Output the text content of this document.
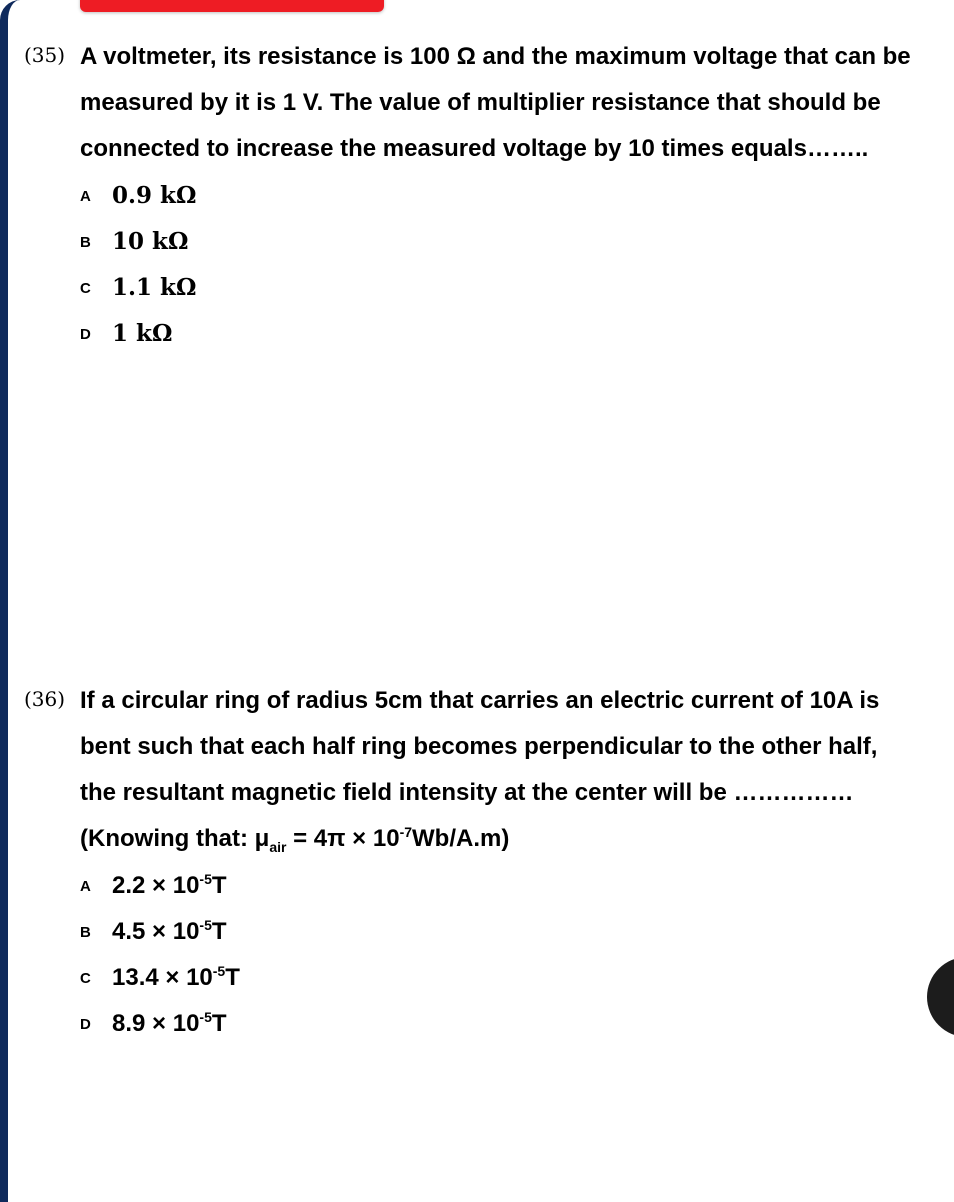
(35) A voltmeter, its resistance is 100 Ω and the maximum voltage that can be measured by it is 1 V. The value of multiplier resistance that should be connected to increase the measured voltage by 10 times equals……..
A 0.9 kΩ
B 10 kΩ
C 1.1 kΩ
D 1 kΩ
(36) If a circular ring of radius 5cm that carries an electric current of 10A is bent such that each half ring becomes perpendicular to the other half, the resultant magnetic field intensity at the center will be …………… (Knowing that: $\mu_{air} = 4\pi \times 10^{-7}Wb/A.m$)
A $2.2 \times 10^{-5}T$
B $4.5 \times 10^{-5}T$
C $13.4 \times 10^{-5}T$
D $8.9 \times 10^{-5}T$
